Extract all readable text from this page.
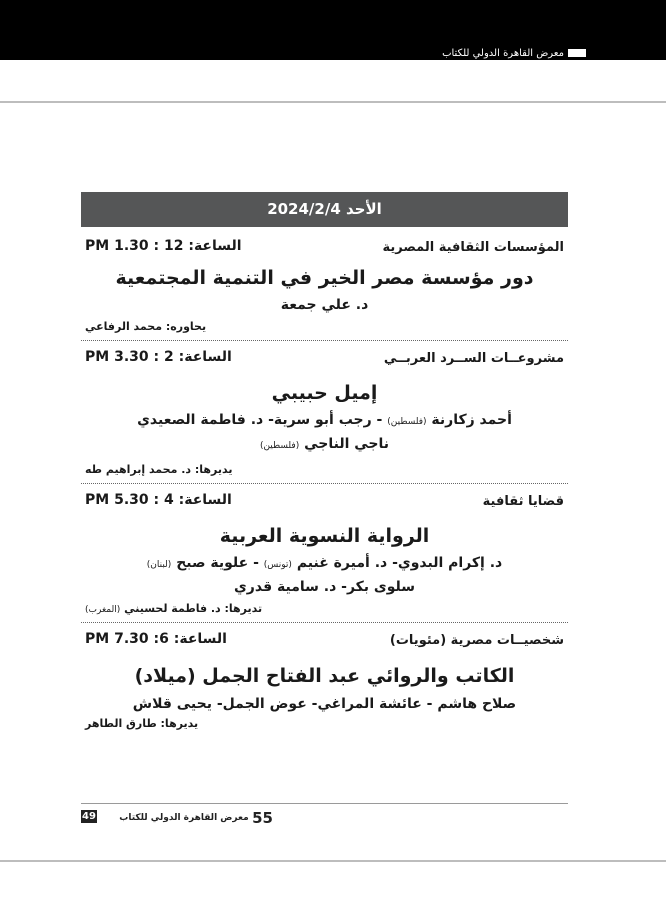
معرض القاهرة الدولي للكتاب
الأحد 2024/2/4
المؤسسات الثقافية المصرية
الساعة: 12 : 1.30 PM
دور مؤسسة مصر الخير في التنمية المجتمعية
د. علي جمعة
يحاوره: محمد الرفاعي
مشروعــات الســرد العربــي
الساعة: 2 : 3.30 PM
إميل حبيبي
أحمد زكارنة (فلسطين) - رجب أبو سرية- د. فاطمة الصعيدي
ناجي الناجي (فلسطين)
يديرها: د. محمد إبراهيم طه
قضايا ثقافية
الساعة: 4 : 5.30 PM
الرواية النسوية العربية
د. إكرام البدوي- د. أميرة غنيم (تونس) - علوية صبح (لبنان)
سلوى بكر- د. سامية قدري
تديرها: د. فاطمة لحسيني (المغرب)
شخصيــات مصرية (مئويات)
الساعة: 6: 7.30 PM
الكاتب والروائي عبد الفتاح الجمل (ميلاد)
صلاح هاشم - عائشة المراغي- عوض الجمل- يحيى قلاش
يديرها: طارق الطاهر
49	55 معرض القاهرة الدولي للكتاب
